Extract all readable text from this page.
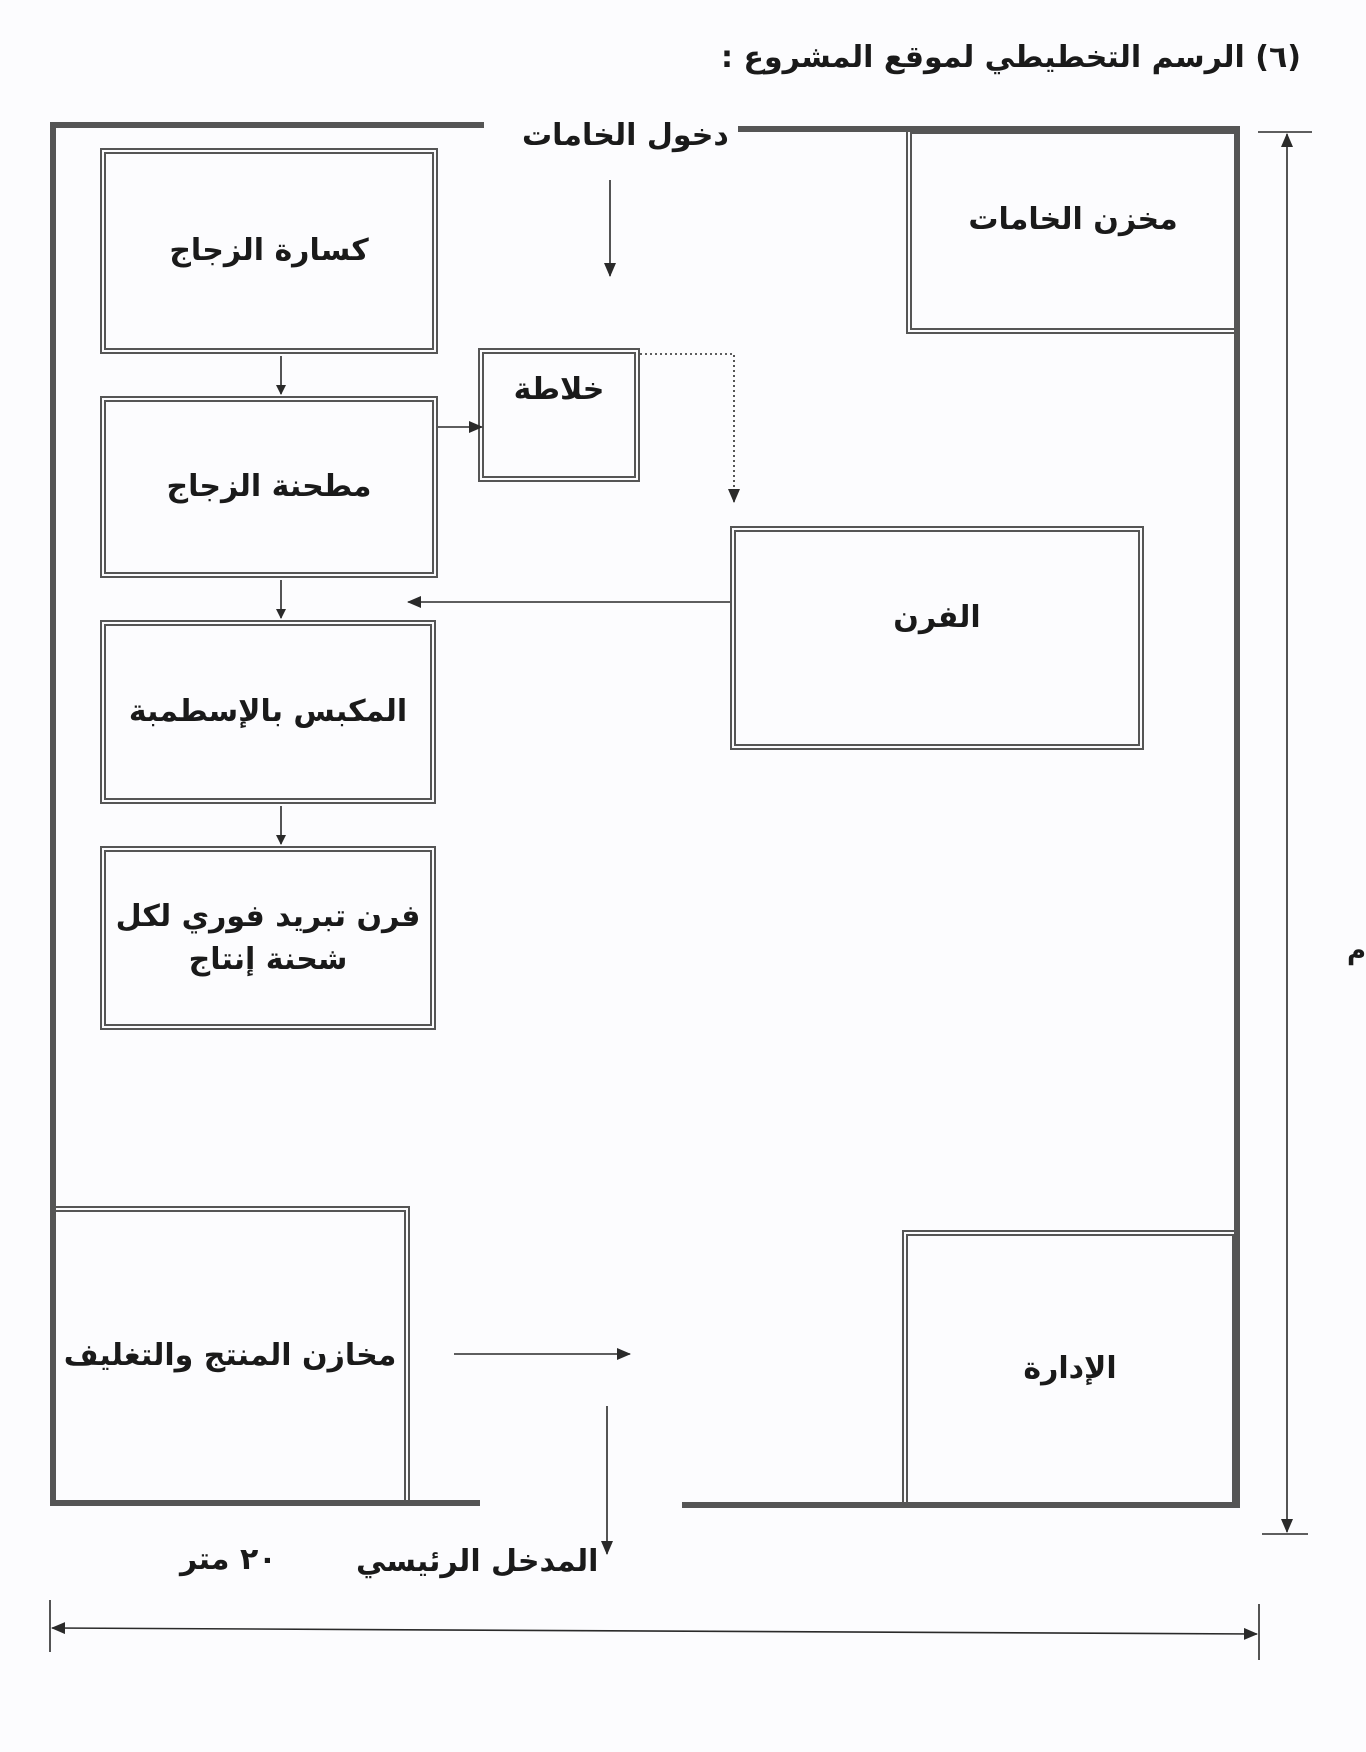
(٦) الرسم التخطيطي لموقع المشروع :
كسارة الزجاج
خلاطة
مطحنة الزجاج
الفرن
المكبس بالإسطمبة
فرن تبريد فوري لكل
شحنة إنتاج
مخزن الخامات
مخازن المنتج والتغليف	الإدارة
دخول الخامات
المدخل الرئيسي
٢٠ متر
م
